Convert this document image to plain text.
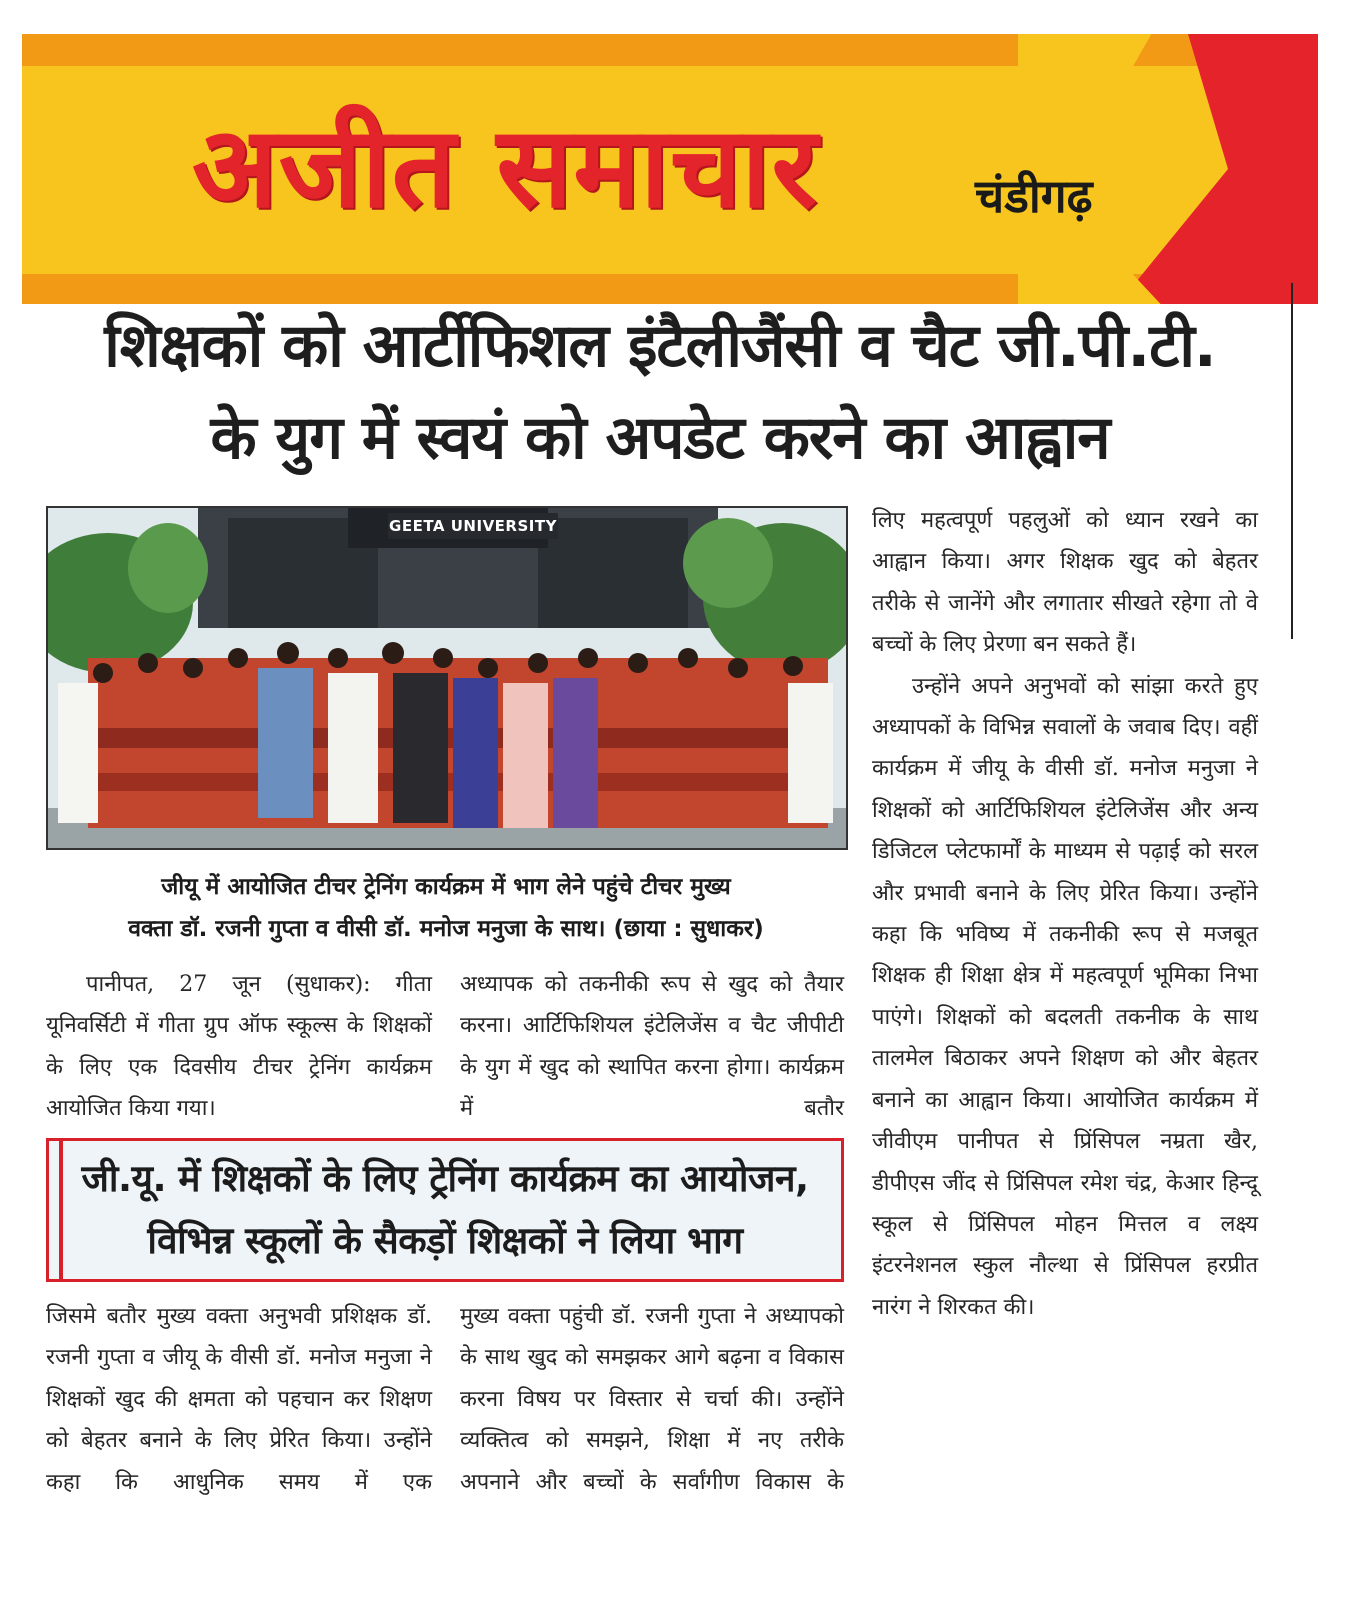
अजीत समाचार	चंडीगढ़
शिक्षकों को आर्टीफिशल इंटैलीजैंसी व चैट जी.पी.टी.
के युग में स्वयं को अपडेट करने का आह्वान
GEETA UNIVERSITY
जीयू में आयोजित टीचर ट्रेनिंग कार्यक्रम में भाग लेने पहुंचे टीचर मुख्य
वक्ता डॉ. रजनी गुप्ता व वीसी डॉ. मनोज मनुजा के साथ। (छाया : सुधाकर)

पानीपत, 27 जून (सुधाकर): गीता यूनिवर्सिटी में गीता ग्रुप ऑफ स्कूल्स के शिक्षकों के लिए एक दिवसीय टीचर ट्रेनिंग कार्यक्रम आयोजित किया गया।

अध्यापक को तकनीकी रूप से खुद को तैयार करना। आर्टिफिशियल इंटेलिजेंस व चैट जीपीटी के युग में खुद को स्थापित करना होगा। कार्यक्रम में बतौर

जी.यू. में शिक्षकों के लिए ट्रेनिंग कार्यक्रम का आयोजन,
विभिन्न स्कूलों के सैकड़ों शिक्षकों ने लिया भाग

जिसमे बतौर मुख्य वक्ता अनुभवी प्रशिक्षक डॉ. रजनी गुप्ता व जीयू के वीसी डॉ. मनोज मनुजा ने शिक्षकों खुद की क्षमता को पहचान कर शिक्षण को बेहतर बनाने के लिए प्रेरित किया। उन्होंने कहा कि आधुनिक समय में एक

मुख्य वक्ता पहुंची डॉ. रजनी गुप्ता ने अध्यापको के साथ खुद को समझकर आगे बढ़ना व विकास करना विषय पर विस्तार से चर्चा की। उन्होंने व्यक्तित्व को समझने, शिक्षा में नए तरीके अपनाने और बच्चों के सर्वांगीण विकास के

लिए महत्वपूर्ण पहलुओं को ध्यान रखने का आह्वान किया। अगर शिक्षक खुद को बेहतर तरीके से जानेंगे और लगातार सीखते रहेगा तो वे बच्चों के लिए प्रेरणा बन सकते हैं।

उन्होंने अपने अनुभवों को सांझा करते हुए अध्यापकों के विभिन्न सवालों के जवाब दिए। वहीं कार्यक्रम में जीयू के वीसी डॉ. मनोज मनुजा ने शिक्षकों को आर्टिफिशियल इंटेलिजेंस और अन्य डिजिटल प्लेटफार्मों के माध्यम से पढ़ाई को सरल और प्रभावी बनाने के लिए प्रेरित किया। उन्होंने कहा कि भविष्य में तकनीकी रूप से मजबूत शिक्षक ही शिक्षा क्षेत्र में महत्वपूर्ण भूमिका निभा पाएंगे। शिक्षकों को बदलती तकनीक के साथ तालमेल बिठाकर अपने शिक्षण को और बेहतर बनाने का आह्वान किया। आयोजित कार्यक्रम में जीवीएम पानीपत से प्रिंसिपल नम्रता खैर, डीपीएस जींद से प्रिंसिपल रमेश चंद्र, केआर हिन्दू स्कूल से प्रिंसिपल मोहन मित्तल व लक्ष्य इंटरनेशनल स्कुल नौल्था से प्रिंसिपल हरप्रीत नारंग ने शिरकत की।
